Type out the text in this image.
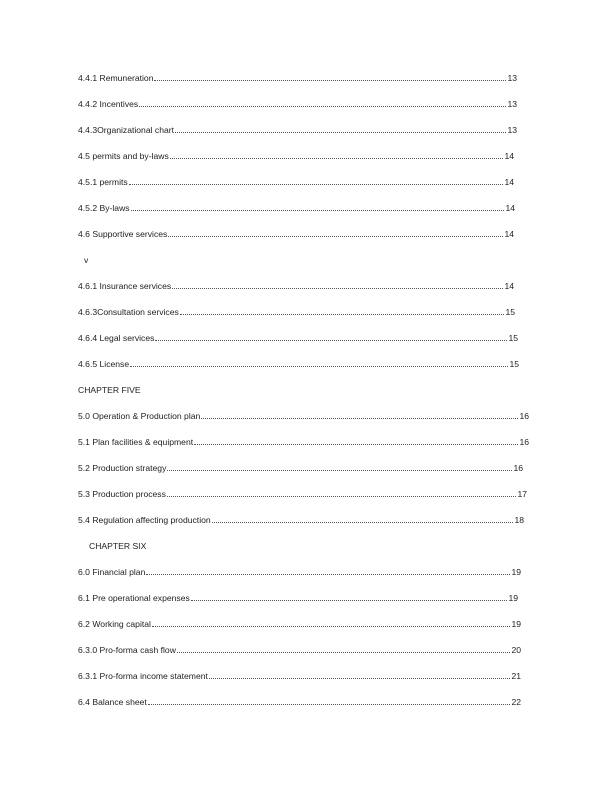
4.4.1 Remuneration	13
4.4.2 Incentives	13
4.4.3Organizational chart	13
4.5 permits and by-laws	14
4.5.1 permits	14
4.5.2 By-laws	14
4.6 Supportive services	14
v
4.6.1 Insurance services	14
4.6.3Consultation services	15
4.6.4 Legal services	15
4.6.5 License	15
CHAPTER FIVE
5.0 Operation & Production plan	16
5.1 Plan facilities & equipment	16
5.2 Production strategy	16
5.3 Production process	17
5.4 Regulation affecting production	18
CHAPTER SIX
6.0 Financial plan	19
6.1 Pre operational expenses	19
6.2 Working capital	19
6.3.0 Pro-forma cash flow	20
6.3.1 Pro-forma income statement	21
6.4 Balance sheet	22
